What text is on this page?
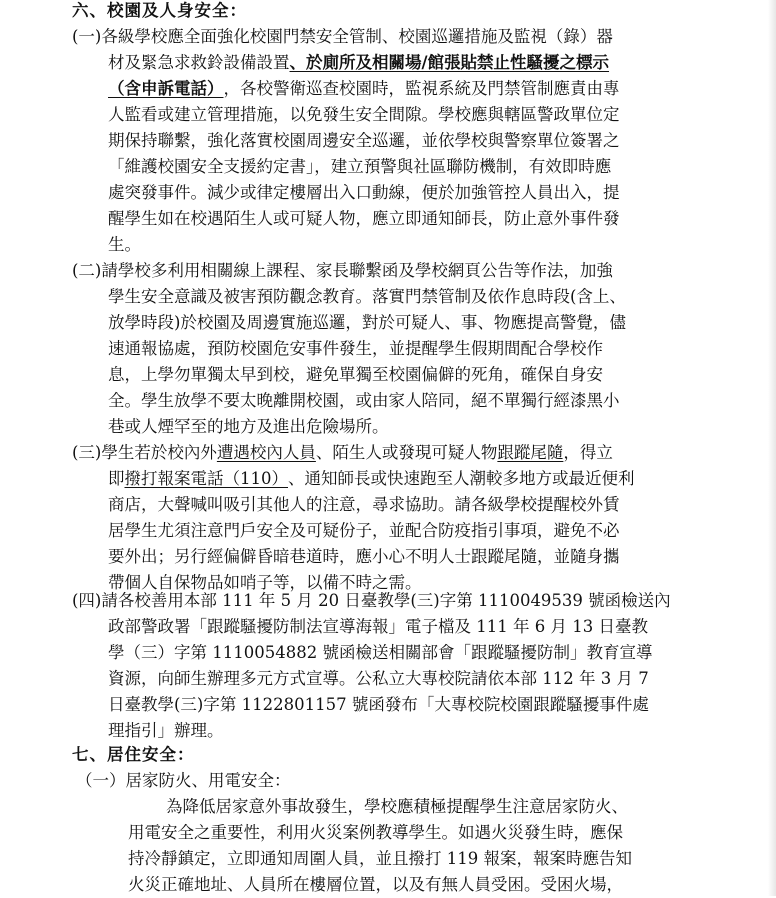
六、校園及人身安全：
(一)各級學校應全面強化校園門禁安全管制、校園巡邏措施及監視（錄）器
材及緊急求救鈴設備設置 、於廁所及相關場/館張貼禁止性騷擾之標示
（含申訴電話） ，各校警衛巡查校園時，監視系統及門禁管制應責由專
人監看或建立管理措施，以免發生安全間隙。學校應與轄區警政單位定
期保持聯繫，強化落實校園周邊安全巡邏，並依學校與警察單位簽署之
「維護校園安全支援約定書」，建立預警與社區聯防機制，有效即時應
處突發事件。減少或律定樓層出入口動線，便於加強管控人員出入，提
醒學生如在校遇陌生人或可疑人物，應立即通知師長，防止意外事件發
生。
(二)請學校多利用相關線上課程、家長聯繫函及學校網頁公告等作法，加強
學生安全意識及被害預防觀念教育。落實門禁管制及依作息時段(含上、
放學時段)於校園及周邊實施巡邏，對於可疑人、事、物應提高警覺，儘
速通報協處，預防校園危安事件發生，並提醒學生假期間配合學校作
息，上學勿單獨太早到校，避免單獨至校園偏僻的死角，確保自身安
全。學生放學不要太晚離開校園，或由家人陪同，絕不單獨行經漆黑小
巷或人煙罕至的地方及進出危險場所。
(三)學生若於校內外 遭遇校內人員 、陌生人或發現可疑人物 跟蹤尾隨 ，得立
即 撥打報案電話（110） 、通知師長或快速跑至人潮較多地方或最近便利
商店，大聲喊叫吸引其他人的注意，尋求協助。請各級學校提醒校外賃
居學生尤須注意門戶安全及可疑份子，並配合防疫指引事項，避免不必
要外出；另行經偏僻昏暗巷道時，應小心不明人士跟蹤尾隨，並隨身攜
帶個人自保物品如哨子等，以備不時之需。
(四)請各校善用本部 111 年 5 月 20 日臺教學(三)字第 1110049539 號函檢送內
政部警政署「跟蹤騷擾防制法宣導海報」電子檔及 111 年 6 月 13 日臺教
學（三）字第 1110054882 號函檢送相關部會「跟蹤騷擾防制」教育宣導
資源，向師生辦理多元方式宣導。公私立大專校院請依本部 112 年 3 月 7
日臺教學(三)字第 1122801157 號函發布「大專校院校園跟蹤騷擾事件處
理指引」辦理。
七、居住安全：
（一）居家防火、用電安全：
為降低居家意外事故發生，學校應積極提醒學生注意居家防火、
用電安全之重要性，利用火災案例教導學生。如遇火災發生時，應保
持冷靜鎮定，立即通知周圍人員，並且撥打 119 報案，報案時應告知
火災正確地址、人員所在樓層位置，以及有無人員受困。受困火場，
